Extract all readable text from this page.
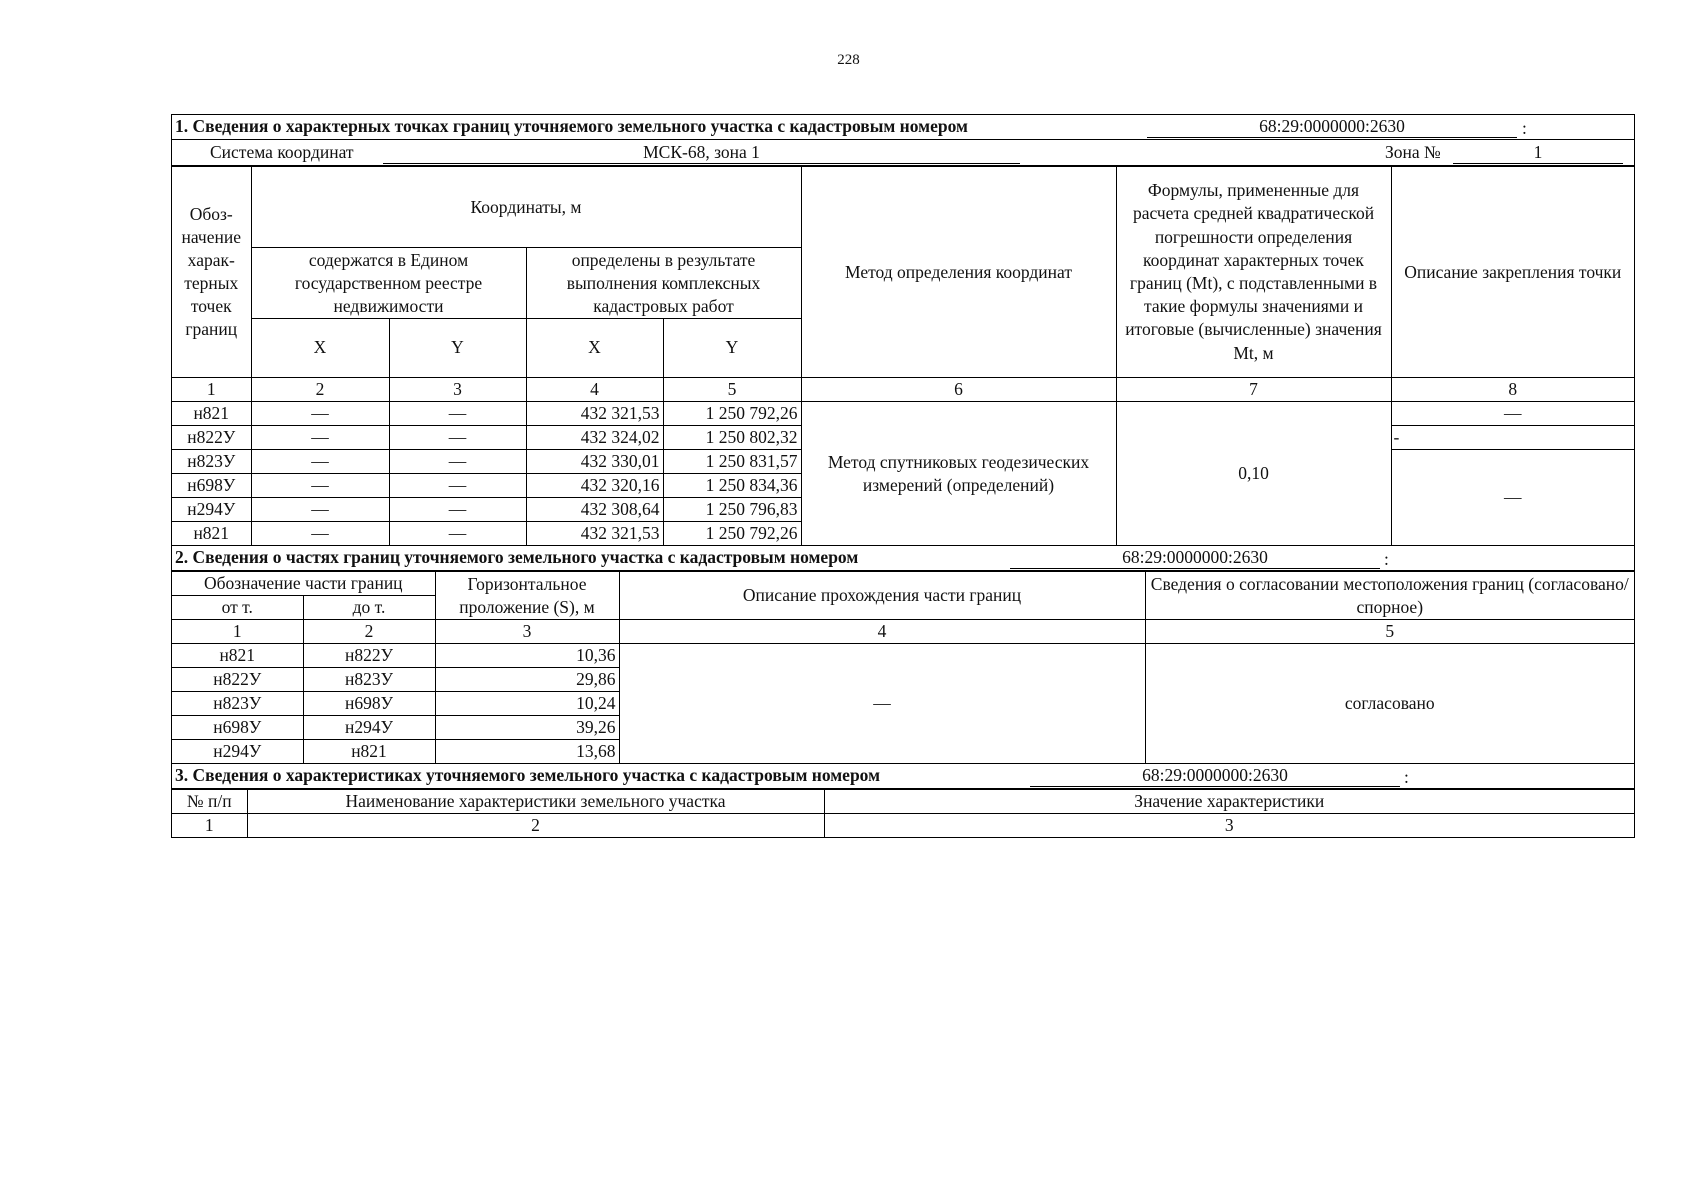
228
1. Сведения о характерных точках границ уточняемого земельного участка с кадастровым номером	68:29:0000000:2630	:
Система координат	МСК-68, зона 1	Зона №	1
Обоз- начение харак- терных точек границ	Координаты, м				Метод определения координат	Формулы, примененные для расчета средней квадратической погрешности определения координат характерных точек границ (Mt), с подставленными в такие формулы значениями и итоговые (вычисленные) значения Mt, м	Описание закрепления точки
	содержатся в Едином государственном реестре недвижимости		определены в результате выполнения комплексных кадастровых работ				
	X	Y	X	Y			
1	2	3	4	5	6	7	8
н821	—	—	432 321,53	1 250 792,26	Метод спутниковых геодезических измерений (определений)	0,10	—
н822У	—	—	432 324,02	1 250 802,32			-
н823У	—	—	432 330,01	1 250 831,57			—
н698У	—	—	432 320,16	1 250 834,36			
н294У	—	—	432 308,64	1 250 796,83			
н821	—	—	432 321,53	1 250 792,26			
2. Сведения о частях границ уточняемого земельного участка с кадастровым номером	68:29:0000000:2630	:
Обозначение части границ		Горизонтальное проложение (S), м	Описание прохождения части границ	Сведения о согласовании местоположения границ (согласовано/спорное)
от т.	до т.			
1	2	3	4	5
н821	н822У	10,36	—	согласовано
н822У	н823У	29,86		
н823У	н698У	10,24		
н698У	н294У	39,26		
н294У	н821	13,68		
3. Сведения о характеристиках уточняемого земельного участка с кадастровым номером	68:29:0000000:2630	:
№ п/п	Наименование характеристики земельного участка	Значение характеристики
1	2	3
